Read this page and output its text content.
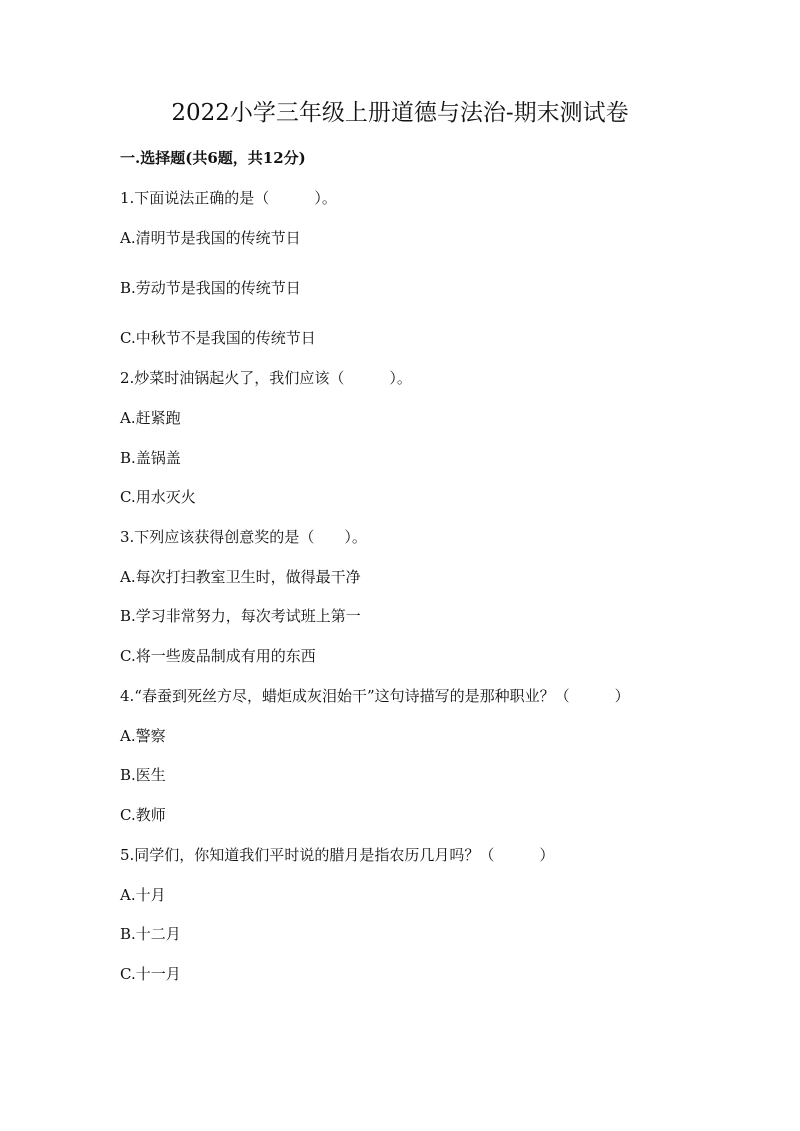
2022小学三年级上册道德与法治-期末测试卷
一.选择题(共6题，共12分)
1.下面说法正确的是（　　　）。
A.清明节是我国的传统节日
B.劳动节是我国的传统节日
C.中秋节不是我国的传统节日
2.炒菜时油锅起火了，我们应该（　　　）。
A.赶紧跑
B.盖锅盖
C.用水灭火
3.下列应该获得创意奖的是（　　）。
A.每次打扫教室卫生时，做得最干净
B.学习非常努力，每次考试班上第一
C.将一些废品制成有用的东西
4.“春蚕到死丝方尽，蜡炬成灰泪始干”这句诗描写的是那种职业？（　　　）
A.警察
B.医生
C.教师
5.同学们，你知道我们平时说的腊月是指农历几月吗？（　　　）
A.十月
B.十二月
C.十一月
